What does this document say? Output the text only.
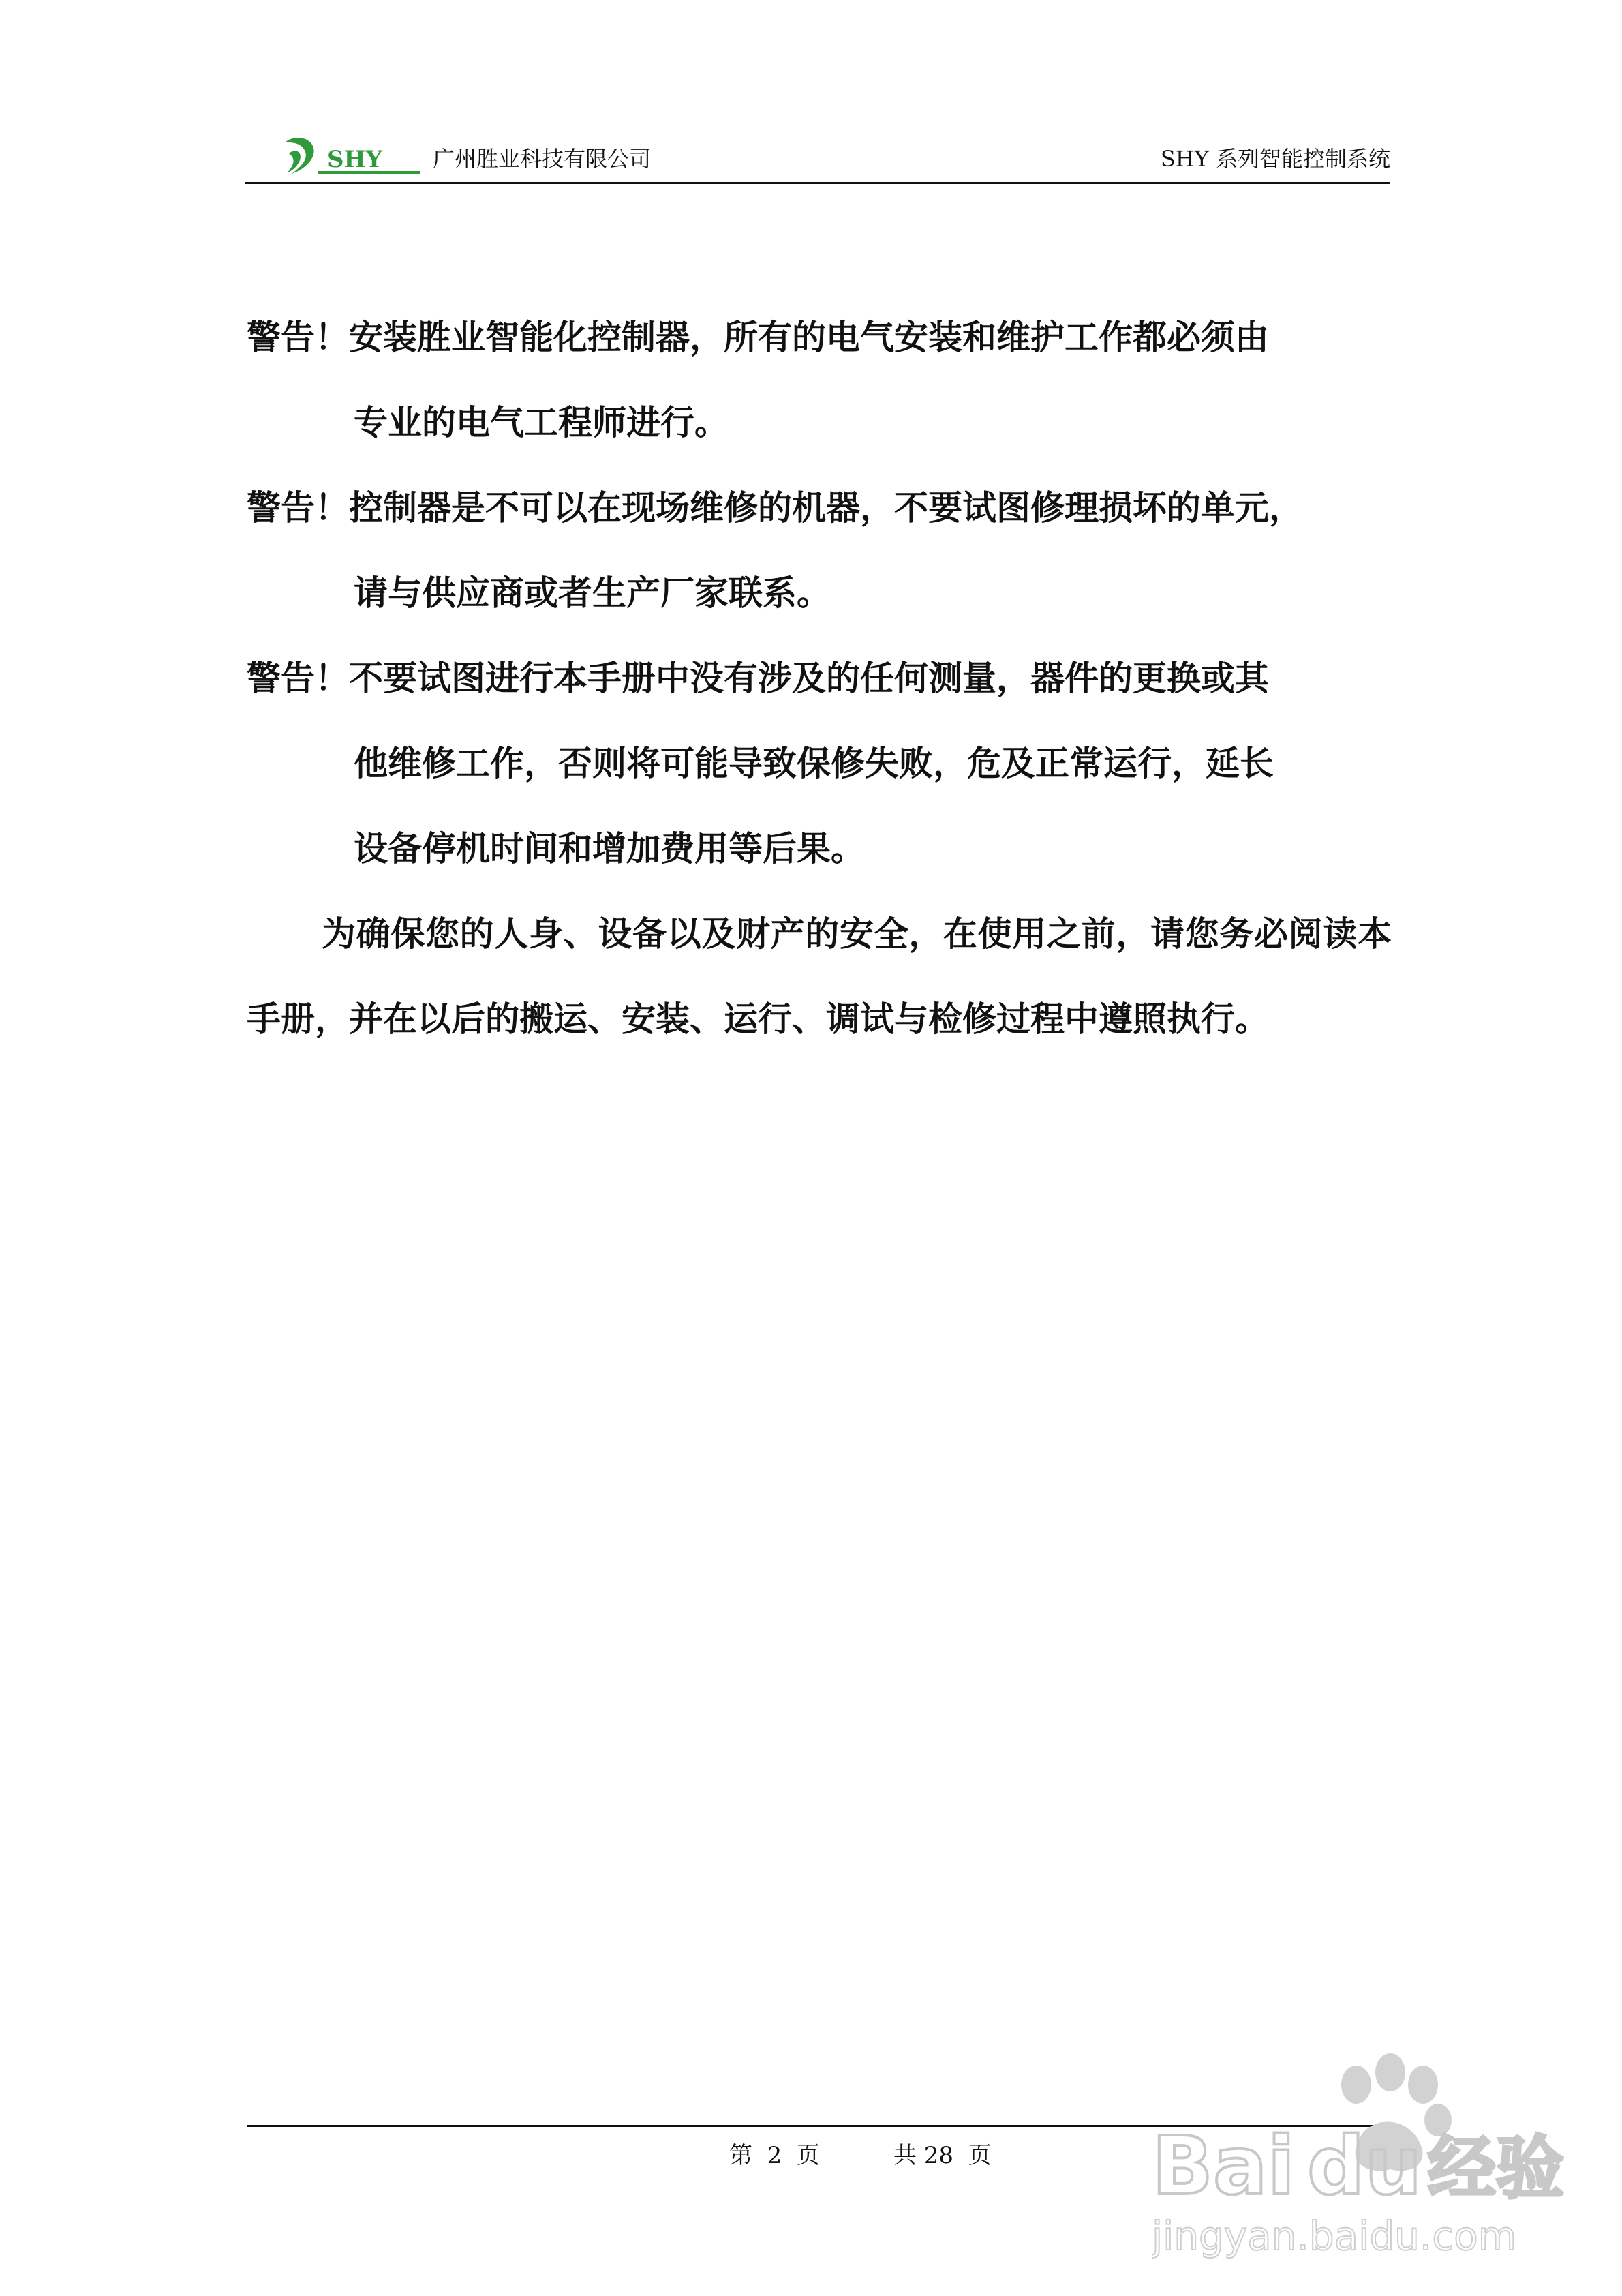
SHY 广州胜业科技有限公司	SHY 系列智能控制系统
警告！安装胜业智能化控制器，所有的电气安装和维护工作都必须由
专业的电气工程师进行。
警告！控制器是不可以在现场维修的机器，不要试图修理损坏的单元，
请与供应商或者生产厂家联系。
警告！不要试图进行本手册中没有涉及的任何测量，器件的更换或其
他维修工作，否则将可能导致保修失败，危及正常运行，延长
设备停机时间和增加费用等后果。

为确保您的人身、设备以及财产的安全，在使用之前，请您务必阅读本手册，并在以后的搬运、安装、运行、调试与检修过程中遵照执行。

第  2  页          共 28  页 Bai du 经验
jingyan.baidu.com
